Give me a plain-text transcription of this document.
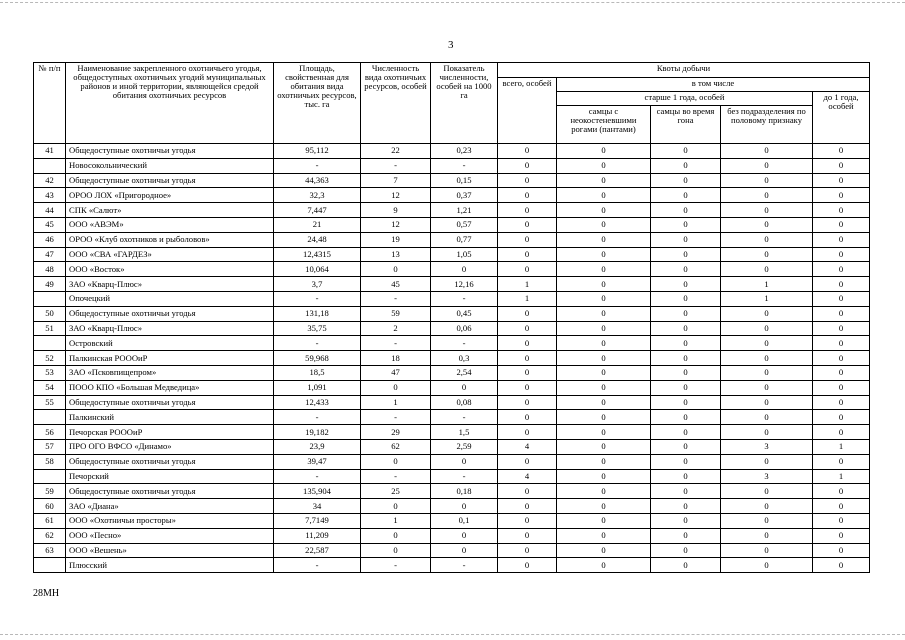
3
№ п/п	Наименование закрепленного охотничьего угодья, общедоступных охотничьих угодий муниципальных районов и иной территории, являющейся средой обитания охотничьих ресурсов	Площадь, свойственная для обитания вида охотничьих ресурсов, тыс. га	Численность вида охотничьих ресурсов, особей	Показатель численности, особей на 1000 га	Квоты добычи				
					всего, особей	в том числе			
						старше 1 года, особей			до 1 года, особей
						самцы с неокостеневшими рогами (пантами)	самцы во время гона	без подразделения по половому признаку	
41	Общедоступные охотничьи угодья	95,112	22	0,23	0	0	0	0	0
	Новосокольнический	-	-	-	0	0	0	0	0
42	Общедоступные охотничьи угодья	44,363	7	0,15	0	0	0	0	0
43	ОРОО ЛОХ «Пригородное»	32,3	12	0,37	0	0	0	0	0
44	СПК «Салют»	7,447	9	1,21	0	0	0	0	0
45	ООО «АВЭМ»	21	12	0,57	0	0	0	0	0
46	ОРОО «Клуб охотников и рыболовов»	24,48	19	0,77	0	0	0	0	0
47	ООО «СВА «ГАРДЕЗ»	12,4315	13	1,05	0	0	0	0	0
48	ООО «Восток»	10,064	0	0	0	0	0	0	0
49	ЗАО «Кварц-Плюс»	3,7	45	12,16	1	0	0	1	0
	Опочецкий	-	-	-	1	0	0	1	0
50	Общедоступные охотничьи угодья	131,18	59	0,45	0	0	0	0	0
51	ЗАО «Кварц-Плюс»	35,75	2	0,06	0	0	0	0	0
	Островский	-	-	-	0	0	0	0	0
52	Палкинская РОООиР	59,968	18	0,3	0	0	0	0	0
53	ЗАО «Псковпищепром»	18,5	47	2,54	0	0	0	0	0
54	ПООО КПО «Большая Медведица»	1,091	0	0	0	0	0	0	0
55	Общедоступные охотничьи угодья	12,433	1	0,08	0	0	0	0	0
	Палкинский	-	-	-	0	0	0	0	0
56	Печорская РОООиР	19,182	29	1,5	0	0	0	0	0
57	ПРО ОГО ВФСО «Динамо»	23,9	62	2,59	4	0	0	3	1
58	Общедоступные охотничьи угодья	39,47	0	0	0	0	0	0	0
	Печорский	-	-	-	4	0	0	3	1
59	Общедоступные охотничьи угодья	135,904	25	0,18	0	0	0	0	0
60	ЗАО «Диана»	34	0	0	0	0	0	0	0
61	ООО «Охотничьи просторы»	7,7149	1	0,1	0	0	0	0	0
62	ООО «Песно»	11,209	0	0	0	0	0	0	0
63	ООО «Вешень»	22,587	0	0	0	0	0	0	0
	Плюсский	-	-	-	0	0	0	0	0
28МН
